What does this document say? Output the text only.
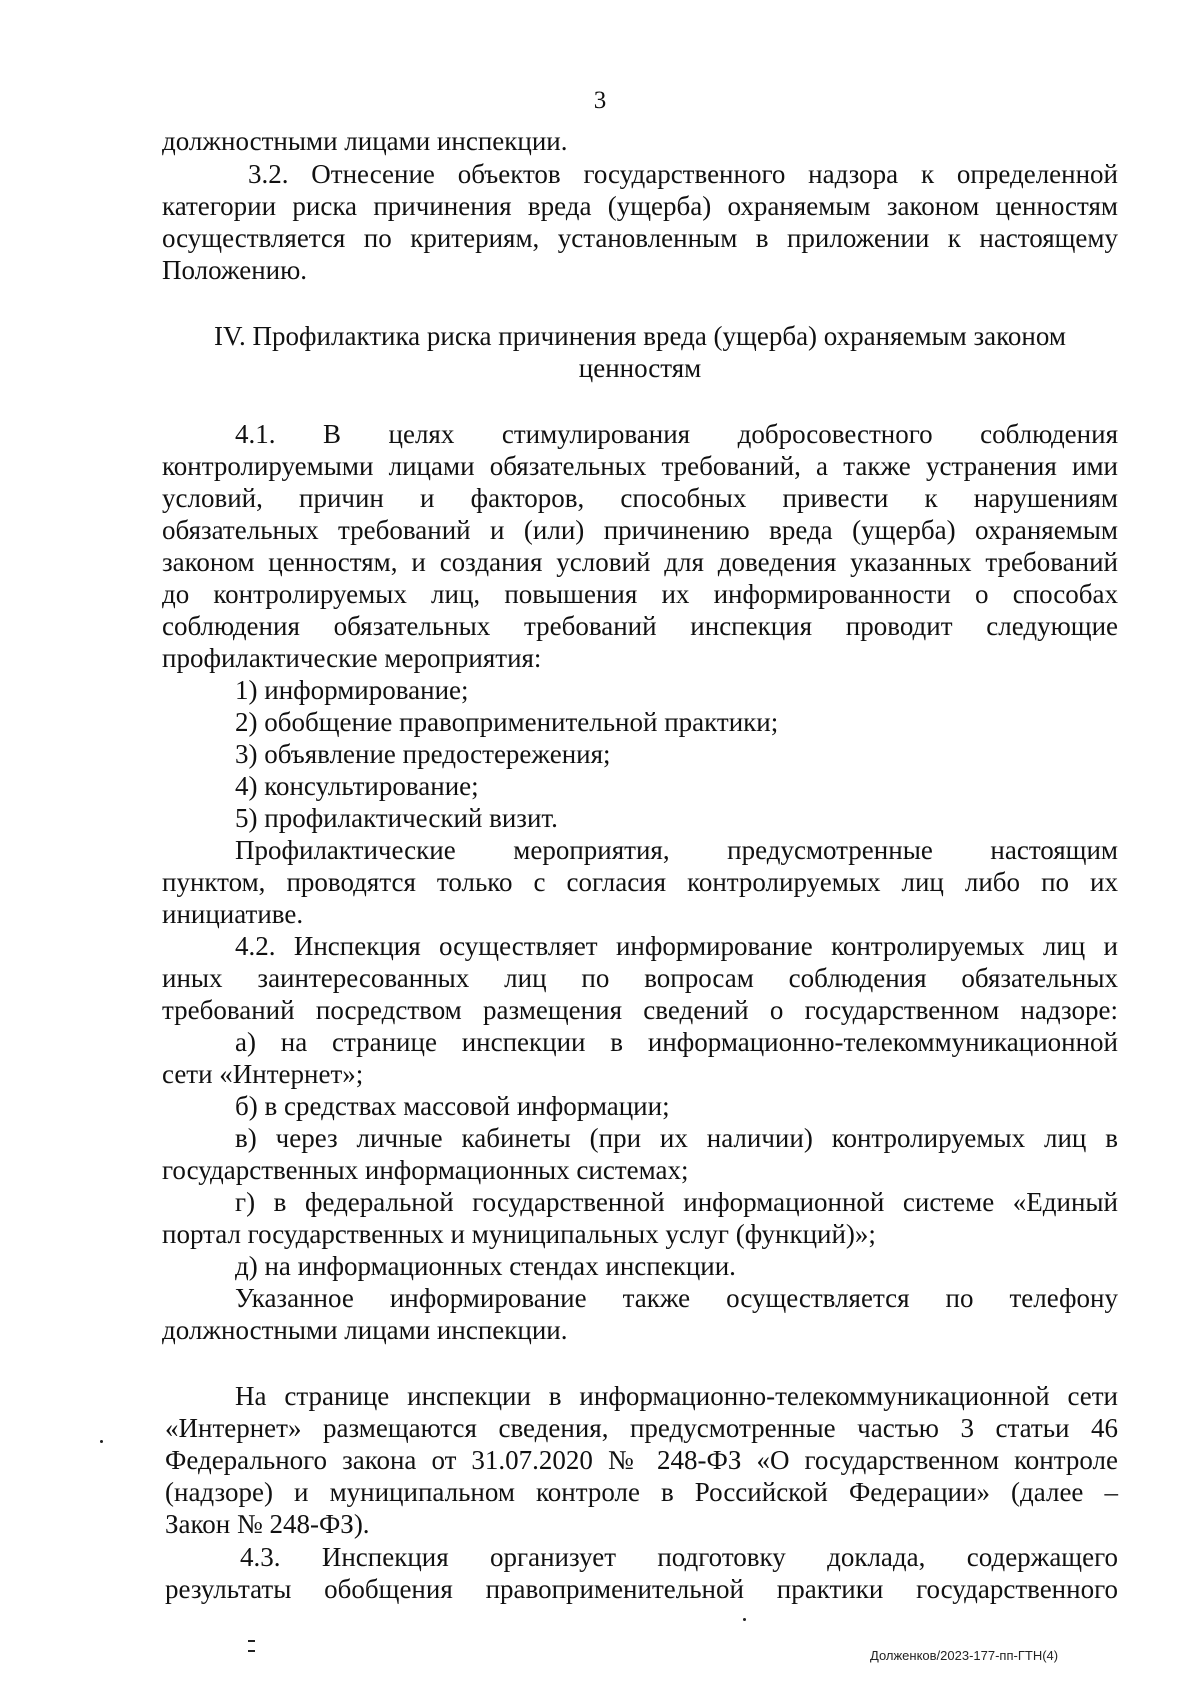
3
должностными лицами инспекции.
3.2. Отнесение объектов государственного надзора к определенной
категории риска причинения вреда (ущерба) охраняемым законом ценностям
осуществляется по критериям, установленным в приложении к настоящему
Положению.
IV. Профилактика риска причинения вреда (ущерба) охраняемым законом
ценностям
4.1. В целях стимулирования добросовестного соблюдения
контролируемыми лицами обязательных требований, а также устранения ими
условий, причин и факторов, способных привести к нарушениям
обязательных требований и (или) причинению вреда (ущерба) охраняемым
законом ценностям, и создания условий для доведения указанных требований
до контролируемых лиц, повышения их информированности о способах
соблюдения обязательных требований инспекция проводит следующие
профилактические мероприятия:
1) информирование;
2) обобщение правоприменительной практики;
3) объявление предостережения;
4) консультирование;
5) профилактический визит.
Профилактические мероприятия, предусмотренные настоящим
пунктом, проводятся только с согласия контролируемых лиц либо по их
инициативе.
4.2. Инспекция осуществляет информирование контролируемых лиц и
иных заинтересованных лиц по вопросам соблюдения обязательных
требований посредством размещения сведений о государственном надзоре:
а) на странице инспекции в информационно-телекоммуникационной
сети «Интернет»;
б) в средствах массовой информации;
в) через личные кабинеты (при их наличии) контролируемых лиц в
государственных информационных системах;
г) в федеральной государственной информационной системе «Единый
портал государственных и муниципальных услуг (функций)»;
д) на информационных стендах инспекции.
Указанное информирование также осуществляется по телефону
должностными лицами инспекции.
На странице инспекции в информационно-телекоммуникационной сети
«Интернет» размещаются сведения, предусмотренные частью 3 статьи 46
Федерального закона от 31.07.2020 № 248-ФЗ «О государственном контроле
(надзоре) и муниципальном контроле в Российской Федерации» (далее –
Закон № 248-ФЗ).
4.3. Инспекция организует подготовку доклада, содержащего
результаты обобщения правоприменительной практики государственного
Долженков/2023-177-пп-ГТН(4)
